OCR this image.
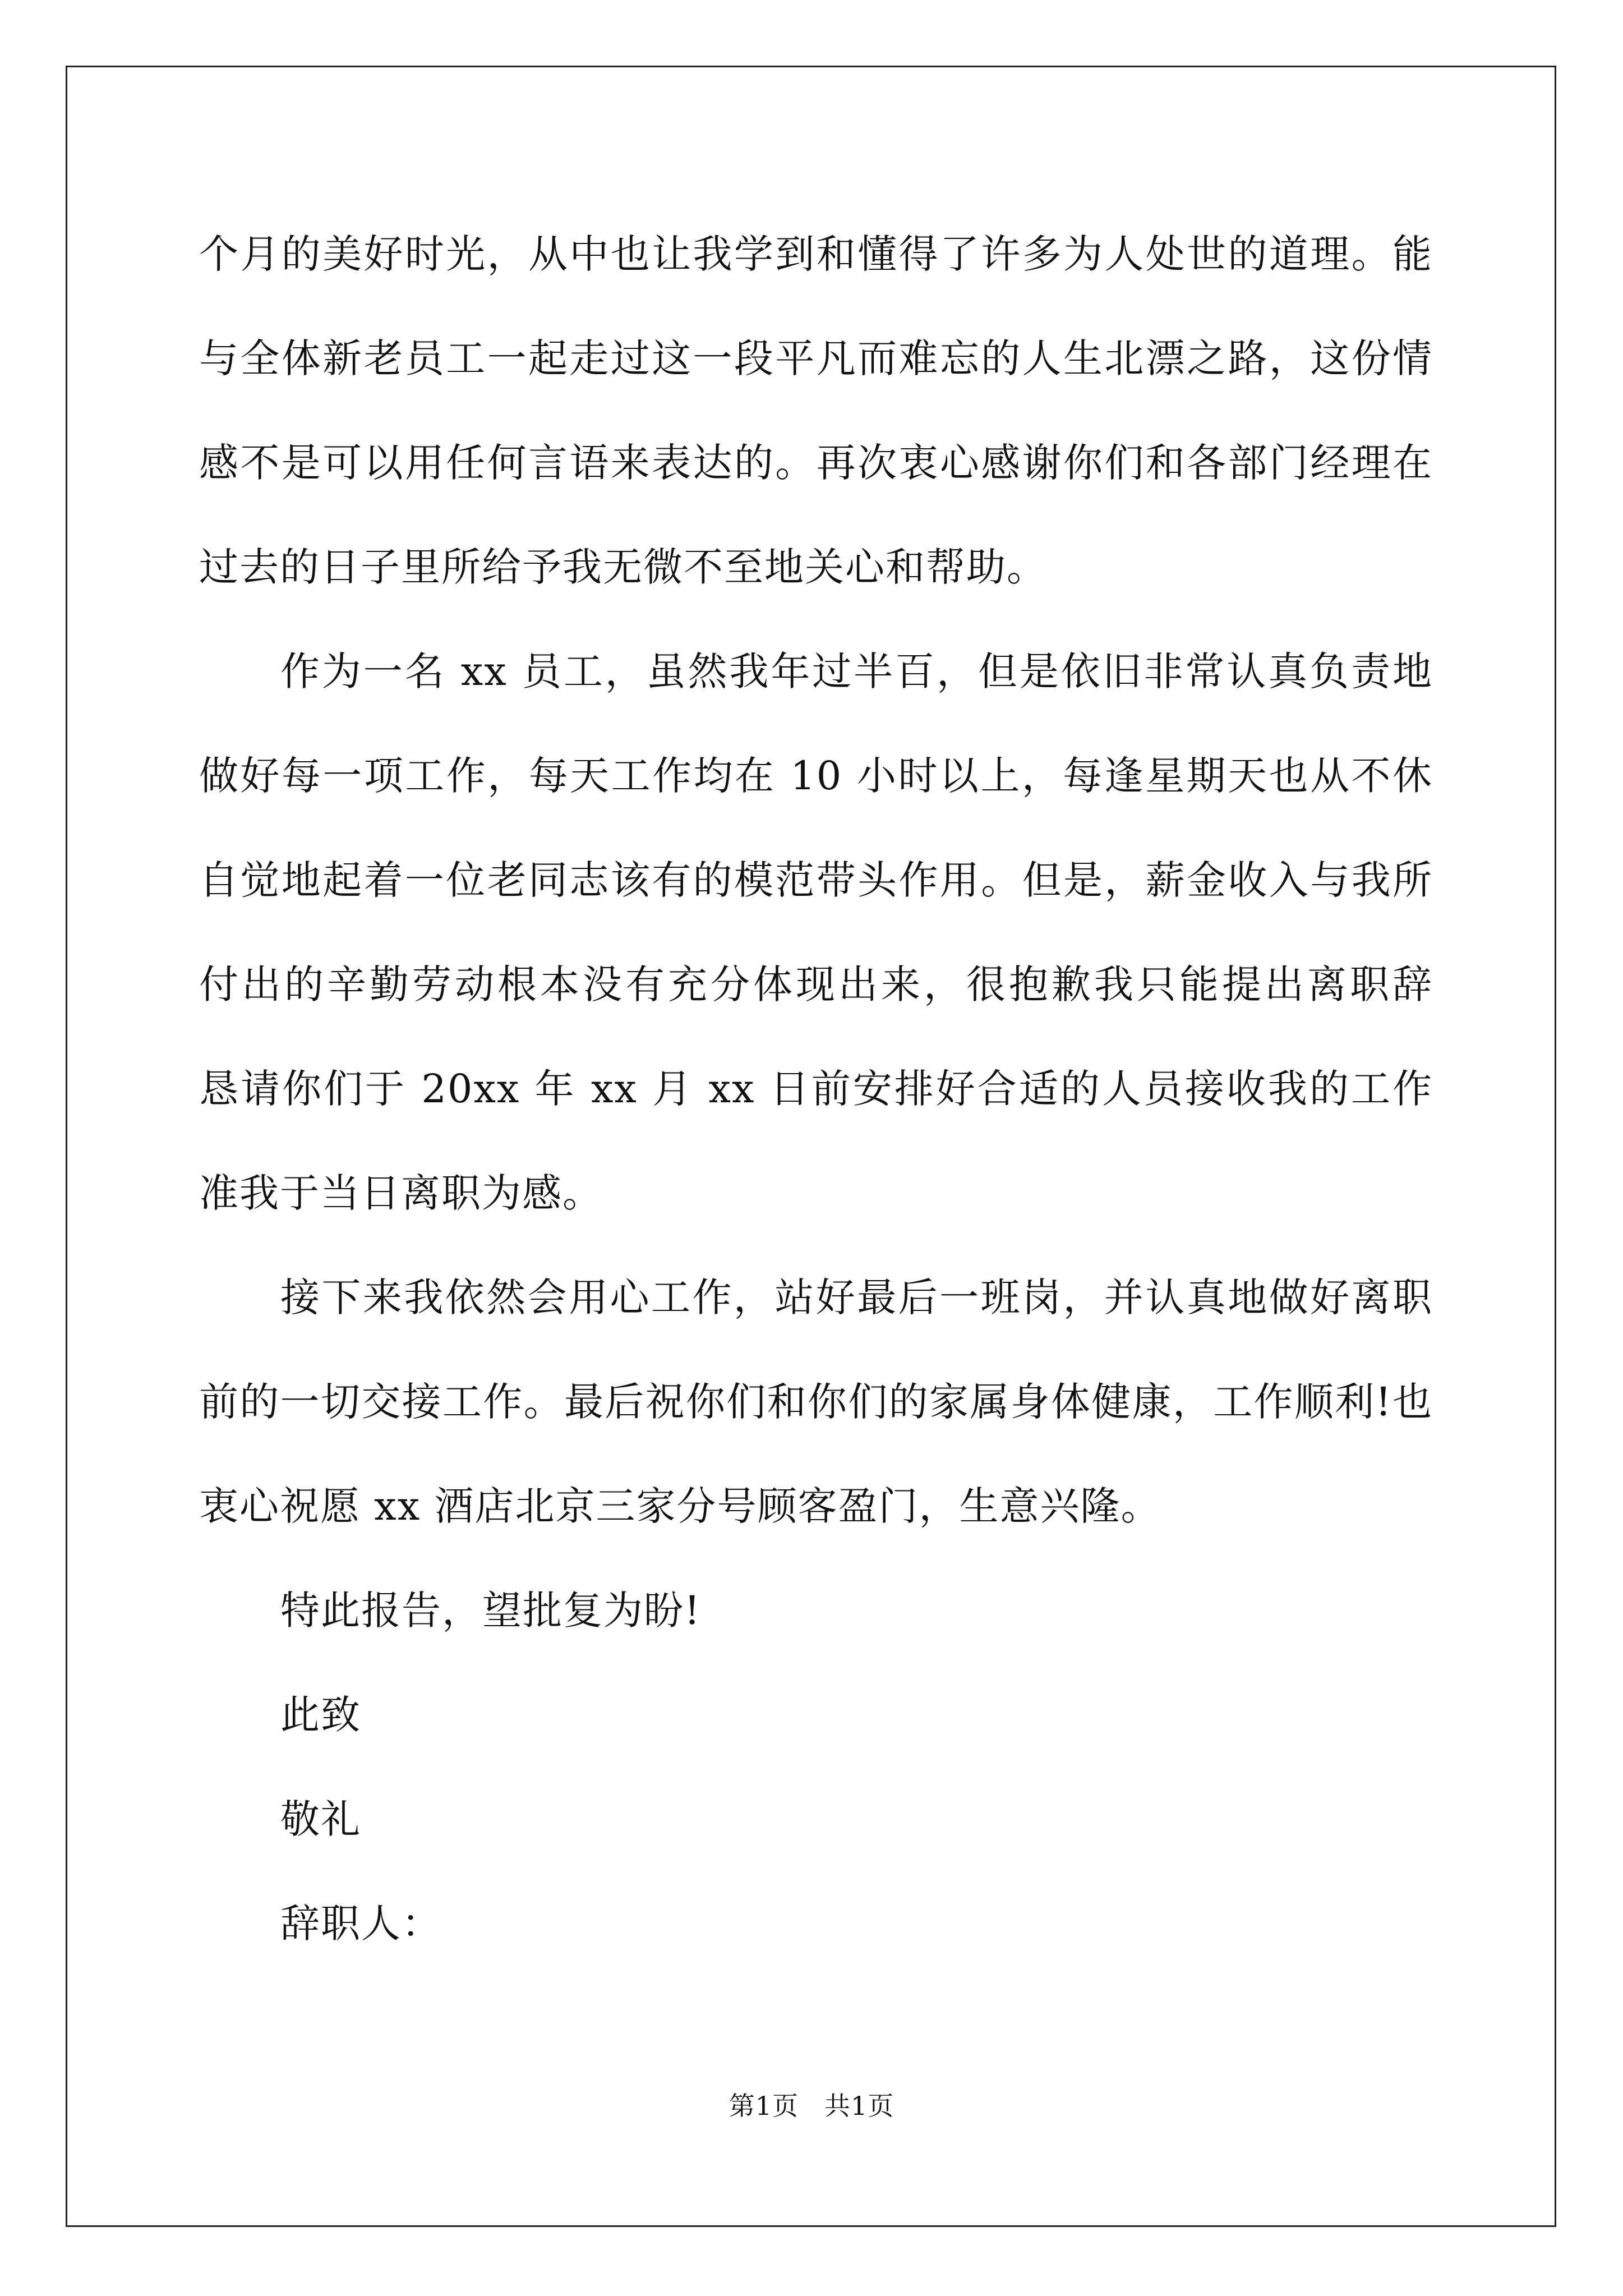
个月的美好时光，从中也让我学到和懂得了许多为人处世的道理。能
与全体新老员工一起走过这一段平凡而难忘的人生北漂之路，这份情
感不是可以用任何言语来表达的。再次衷心感谢你们和各部门经理在
过去的日子里所给予我无微不至地关心和帮助。
作为一名 xx 员工，虽然我年过半百，但是依旧非常认真负责地
做好每一项工作，每天工作均在 10 小时以上，每逢星期天也从不休
自觉地起着一位老同志该有的模范带头作用。但是，薪金收入与我所
付出的辛勤劳动根本没有充分体现出来，很抱歉我只能提出离职辞
恳请你们于 20xx 年 xx 月 xx 日前安排好合适的人员接收我的工作
准我于当日离职为感。
接下来我依然会用心工作，站好最后一班岗，并认真地做好离职
前的一切交接工作。最后祝你们和你们的家属身体健康，工作顺利!也
衷心祝愿 xx 酒店北京三家分号顾客盈门，生意兴隆。
特此报告，望批复为盼!
此致
敬礼
辞职人：
第1页 共1页
